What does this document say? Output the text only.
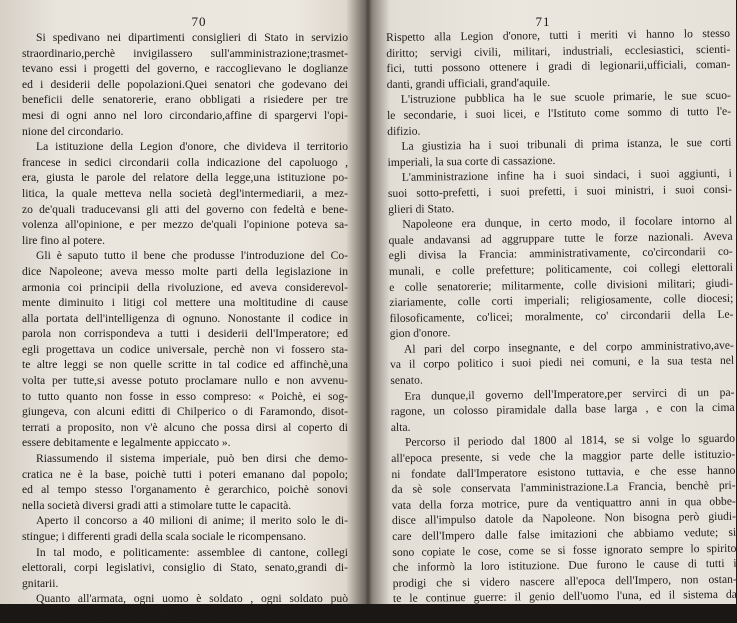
70
Si spedivano nei dipartimenti consiglieri di Stato in servizio
straordinario,perchè invigilassero sull'amministrazione;trasmet-
tevano essi i progetti del governo, e raccoglievano le doglianze
ed i desiderii delle popolazioni.Quei senatori che godevano dei
beneficii delle senatorerie, erano obbligati a risiedere per tre
mesi di ogni anno nel loro circondario,affine di spargervi l'opi-
nione del circondario.
La istituzione della Legion d'onore, che divideva il territorio
francese in sedici circondarii colla indicazione del capoluogo ,
era, giusta le parole del relatore della legge,una istituzione po-
litica, la quale metteva nella società degl'intermediarii, a mez-
zo de'quali traducevansi gli atti del governo con fedeltà e bene-
volenza all'opinione, e per mezzo de'quali l'opinione poteva sa-
lire fino al potere.
Gli è saputo tutto il bene che produsse l'introduzione del Co-
dice Napoleone; aveva messo molte parti della legislazione in
armonia coi principii della rivoluzione, ed aveva considerevol-
mente diminuito i litigi col mettere una moltitudine di cause
alla portata dell'intelligenza di ognuno. Nonostante il codice in
parola non corrispondeva a tutti i desiderii dell'Imperatore; ed
egli progettava un codice universale, perchè non vi fossero sta-
te altre leggi se non quelle scritte in tal codice ed affinchè,una
volta per tutte,si avesse potuto proclamare nullo e non avvenu-
to tutto quanto non fosse in esso compreso: « Poichè, ei sog-
giungeva, con alcuni editti di Chilperico o di Faramondo, disot-
terrati a proposito, non v'è alcuno che possa dirsi al coperto di
essere debitamente e legalmente appiccato ».
Riassumendo il sistema imperiale, può ben dirsi che demo-
cratica ne è la base, poichè tutti i poteri emanano dal popolo;
ed al tempo stesso l'organamento è gerarchico, poichè sonovi
nella società diversi gradi atti a stimolare tutte le capacità.
Aperto il concorso a 40 milioni di anime; il merito solo le di-
stingue; i differenti gradi della scala sociale le ricompensano.
In tal modo, e politicamente: assemblee di cantone, collegi
elettorali, corpi legislativi, consiglio di Stato, senato,grandi di-
gnitarii.
Quanto all'armata, ogni uomo è soldato , ogni soldato può
diventare un'uffiziale: colonnello, generale, maresciallo.
71
Rispetto alla Legion d'onore, tutti i meriti vi hanno lo stesso
diritto; servigi civili, militari, industriali, ecclesiastici, scienti-
fici, tutti possono ottenere i gradi di legionarii,ufficiali, coman-
danti, grandi ufficiali, grand'aquile.
L'istruzione pubblica ha le sue scuole primarie, le sue scuo-
le secondarie, i suoi licei, e l'Istituto come sommo di tutto l'e-
difizio.
La giustizia ha i suoi tribunali di prima istanza, le sue corti
imperiali, la sua corte di cassazione.
L'amministrazione infine ha i suoi sindaci, i suoi aggiunti, i
suoi sotto-prefetti, i suoi prefetti, i suoi ministri, i suoi consi-
glieri di Stato.
Napoleone era dunque, in certo modo, il focolare intorno al
quale andavansi ad aggruppare tutte le forze nazionali. Aveva
egli divisa la Francia: amministrativamente, co'circondarii co-
munali, e colle prefetture; politicamente, coi collegi elettorali
e colle senatorerie; militarmente, colle divisioni militari; giudi-
ziariamente, colle corti imperiali; religiosamente, colle diocesi;
filosoficamente, co'licei; moralmente, co' circondarii della Le-
gion d'onore.
Al pari del corpo insegnante, e del corpo amministrativo,ave-
va il corpo politico i suoi piedi nei comuni, e la sua testa nel
senato.
Era dunque,il governo dell'Imperatore,per servirci di un pa-
ragone, un colosso piramidale dalla base larga , e con la cima
alta.
Percorso il periodo dal 1800 al 1814, se si volge lo sguardo
all'epoca presente, si vede che la maggior parte delle istituzio-
ni fondate dall'Imperatore esistono tuttavia, e che esse hanno
da sè sole conservata l'amministrazione.La Francia, benchè pri-
vata della forza motrice, pure da ventiquattro anni in qua obbe-
disce all'impulso datole da Napoleone. Non bisogna però giudi-
care dell'Impero dalle false imitazioni che abbiamo vedute; si
sono copiate le cose, come se si fosse ignorato sempre lo spirito
che informò la loro istituzione. Due furono le cause di tutti i
prodigi che si videro nascere all'epoca dell'Impero, non ostan-
te le continue guerre: il genio dell'uomo l'una, ed il sistema da
